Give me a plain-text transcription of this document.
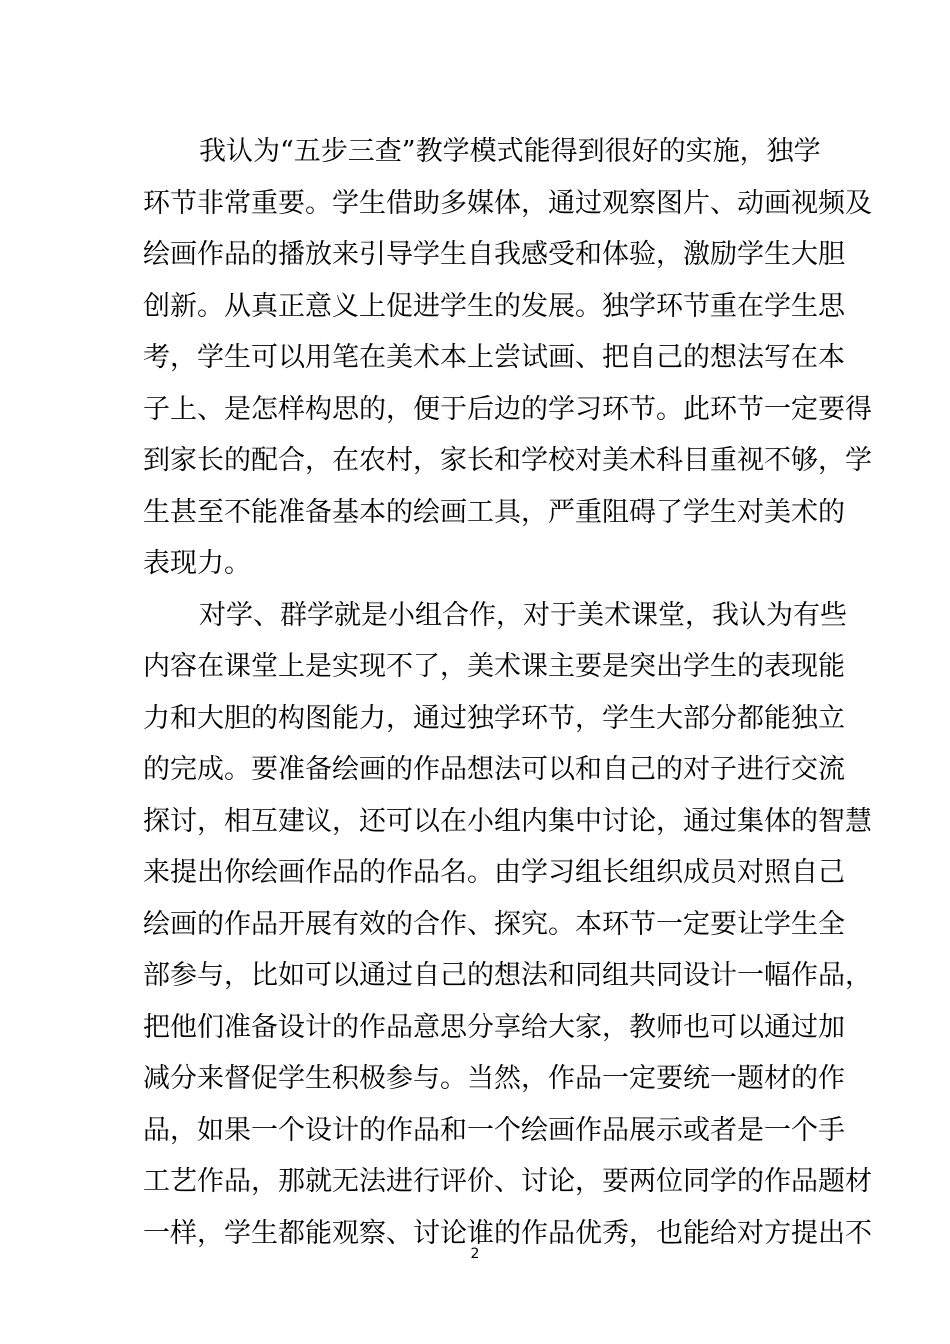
我认为“五步三查”教学模式能得到很好的实施，独学
环节非常重要。学生借助多媒体，通过观察图片、动画视频及
绘画作品的播放来引导学生自我感受和体验，激励学生大胆
创新。从真正意义上促进学生的发展。独学环节重在学生思
考，学生可以用笔在美术本上尝试画、把自己的想法写在本
子上、是怎样构思的，便于后边的学习环节。此环节一定要得
到家长的配合，在农村，家长和学校对美术科目重视不够，学
生甚至不能准备基本的绘画工具，严重阻碍了学生对美术的
表现力。
对学、群学就是小组合作，对于美术课堂，我认为有些
内容在课堂上是实现不了，美术课主要是突出学生的表现能
力和大胆的构图能力，通过独学环节，学生大部分都能独立
的完成。要准备绘画的作品想法可以和自己的对子进行交流
探讨，相互建议，还可以在小组内集中讨论，通过集体的智慧
来提出你绘画作品的作品名。由学习组长组织成员对照自己
绘画的作品开展有效的合作、探究。本环节一定要让学生全
部参与，比如可以通过自己的想法和同组共同设计一幅作品，
把他们准备设计的作品意思分享给大家，教师也可以通过加
减分来督促学生积极参与。当然，作品一定要统一题材的作
品，如果一个设计的作品和一个绘画作品展示或者是一个手
工艺作品，那就无法进行评价、讨论，要两位同学的作品题材
一样，学生都能观察、讨论谁的作品优秀，也能给对方提出不
2
